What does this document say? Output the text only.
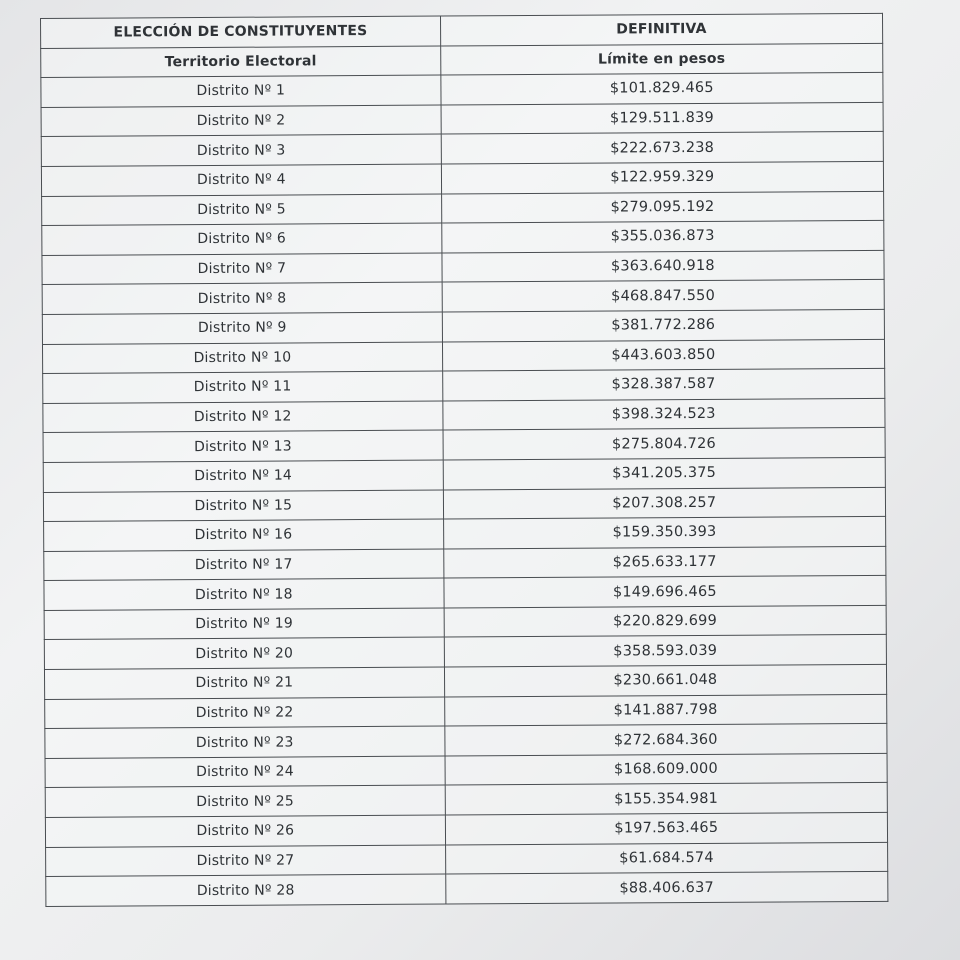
ELECCIÓN DE CONSTITUYENTES	DEFINITIVA
Territorio Electoral	Límite en pesos
Distrito Nº 1	$101.829.465
Distrito Nº 2	$129.511.839
Distrito Nº 3	$222.673.238
Distrito Nº 4	$122.959.329
Distrito Nº 5	$279.095.192
Distrito Nº 6	$355.036.873
Distrito Nº 7	$363.640.918
Distrito Nº 8	$468.847.550
Distrito Nº 9	$381.772.286
Distrito Nº 10	$443.603.850
Distrito Nº 11	$328.387.587
Distrito Nº 12	$398.324.523
Distrito Nº 13	$275.804.726
Distrito Nº 14	$341.205.375
Distrito Nº 15	$207.308.257
Distrito Nº 16	$159.350.393
Distrito Nº 17	$265.633.177
Distrito Nº 18	$149.696.465
Distrito Nº 19	$220.829.699
Distrito Nº 20	$358.593.039
Distrito Nº 21	$230.661.048
Distrito Nº 22	$141.887.798
Distrito Nº 23	$272.684.360
Distrito Nº 24	$168.609.000
Distrito Nº 25	$155.354.981
Distrito Nº 26	$197.563.465
Distrito Nº 27	$61.684.574
Distrito Nº 28	$88.406.637
